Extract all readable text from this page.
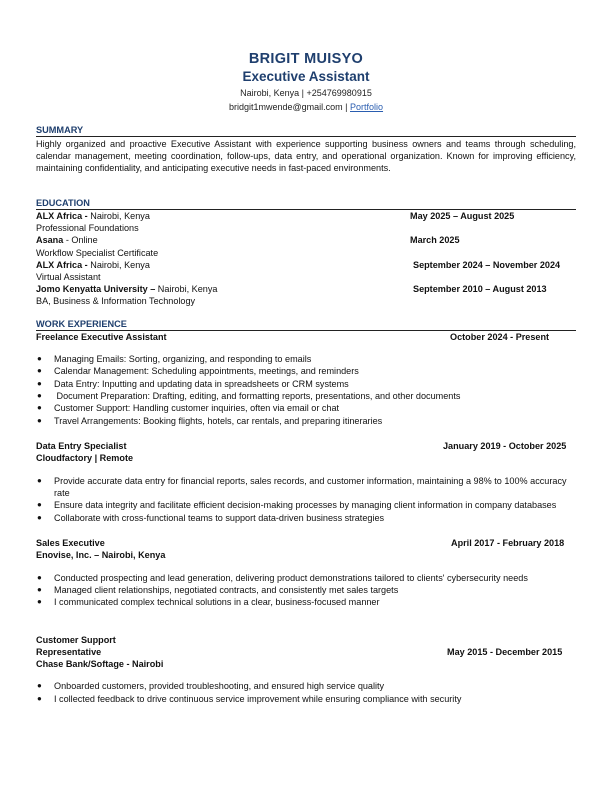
BRIGIT MUISYO
Executive Assistant
Nairobi, Kenya | +254769980915
bridgit1mwende@gmail.com | Portfolio
SUMMARY
Highly organized and proactive Executive Assistant with experience supporting business owners and teams through scheduling, calendar management, meeting coordination, follow-ups, data entry, and operational organization. Known for improving efficiency, maintaining confidentiality, and anticipating executive needs in fast-paced environments.
EDUCATION
ALX Africa - Nairobi, Kenya	May 2025 – August 2025
Professional Foundations
Asana - Online	March 2025
Workflow Specialist Certificate
ALX Africa - Nairobi, Kenya	September 2024 – November 2024
Virtual Assistant
Jomo Kenyatta University – Nairobi, Kenya	September 2010 – August 2013
BA, Business & Information Technology
WORK EXPERIENCE
Freelance Executive Assistant	October 2024 - Present
● Managing Emails: Sorting, organizing, and responding to emails
● Calendar Management: Scheduling appointments, meetings, and reminders
● Data Entry: Inputting and updating data in spreadsheets or CRM systems
● Document Preparation: Drafting, editing, and formatting reports, presentations, and other documents
● Customer Support: Handling customer inquiries, often via email or chat
● Travel Arrangements: Booking flights, hotels, car rentals, and preparing itineraries
Data Entry Specialist	January 2019 - October 2025
Cloudfactory | Remote
● Provide accurate data entry for financial reports, sales records, and customer information, maintaining a 98% to 100% accuracy rate
● Ensure data integrity and facilitate efficient decision-making processes by managing client information in company databases
● Collaborate with cross-functional teams to support data-driven business strategies
Sales Executive	April 2017 - February 2018
Enovise, Inc. – Nairobi, Kenya
● Conducted prospecting and lead generation, delivering product demonstrations tailored to clients' cybersecurity needs
● Managed client relationships, negotiated contracts, and consistently met sales targets
● I communicated complex technical solutions in a clear, business-focused manner
Customer Support
Representative	May 2015 - December 2015
Chase Bank/Softage - Nairobi
● Onboarded customers, provided troubleshooting, and ensured high service quality
● I collected feedback to drive continuous service improvement while ensuring compliance with security
